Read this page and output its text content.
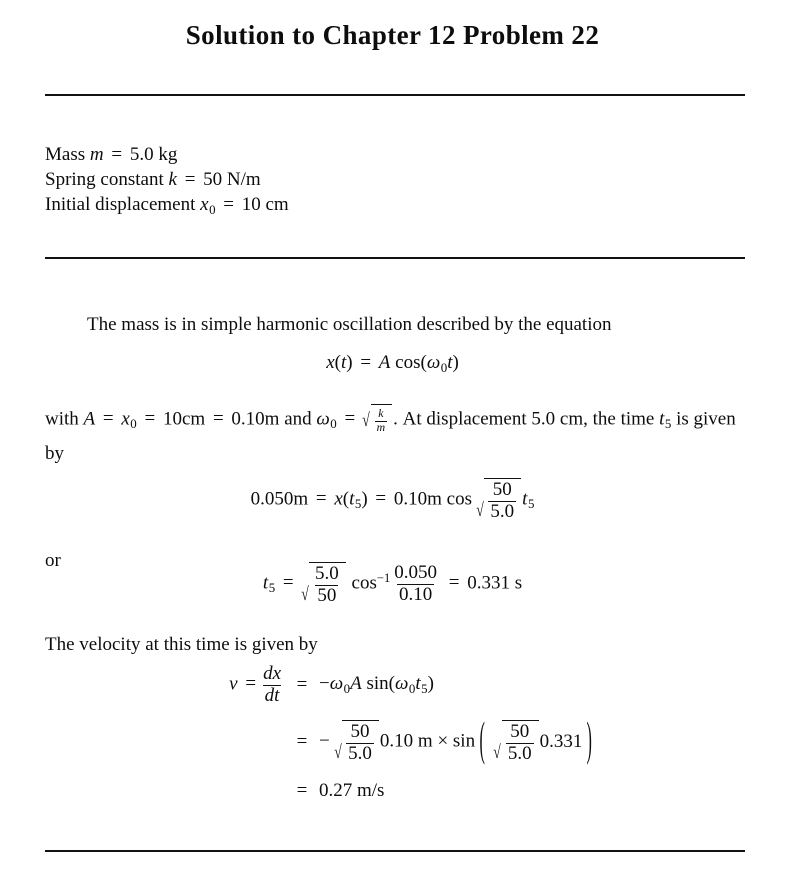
Solution to Chapter 12 Problem 22
Mass m = 5.0 kg
Spring constant k = 50 N/m
Initial displacement $x_0 = 10$ cm
The mass is in simple harmonic oscillation described by the equation
x(t) = A $\cos(\omega_0t)$
with $A = x_0 = 10cm = 0.10m$ and $\omega_0$ = √ $\frac{k}{m}$ . At displacement 5.0 cm, the time $t_5$ is given by
$0.050m = x(t_5) = 0.10m$ cos
√ $\frac{50}{5.0} t_5$
or
$t_5$ =
√ $\frac{5.0}{50} \cos^{-1} \frac{0.050}{0.10} = 0.331$ s
The velocity at this time is given by
$v = \frac{dx}{dt} = -\omega_0A$ $\sin(\omega_0t_5)$
= −
√ $\frac{50}{5.0} 0.10$ m × sin ( √ $\frac{50}{5.0} 0.331$ )
= 0.27 m/s
